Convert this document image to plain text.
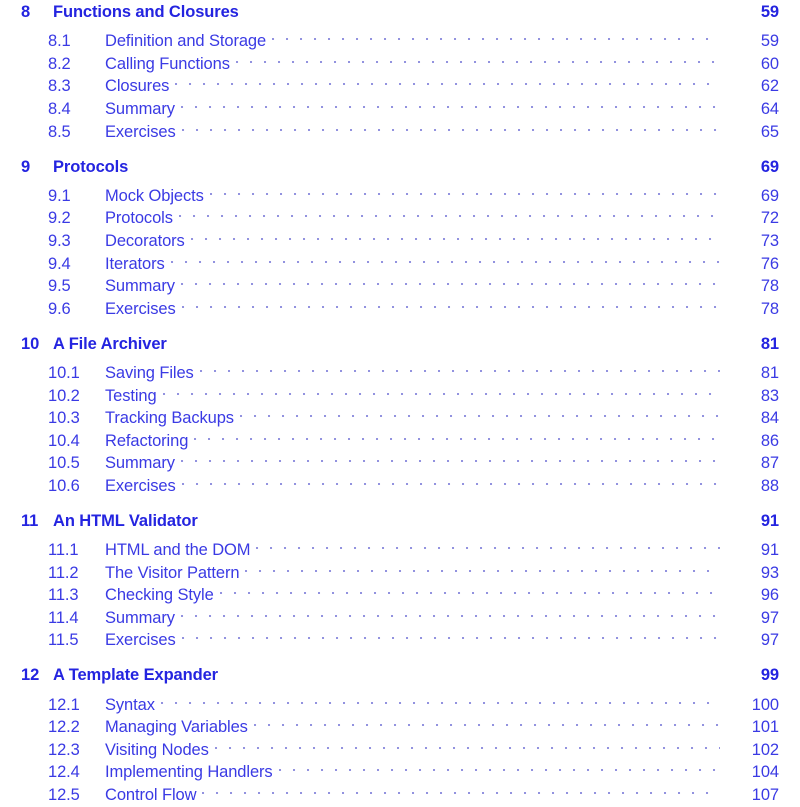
8	Functions and Closures	59
8.1	Definition and Storage	59
8.2	Calling Functions	60
8.3	Closures	62
8.4	Summary	64
8.5	Exercises	65
9	Protocols	69
9.1	Mock Objects	69
9.2	Protocols	72
9.3	Decorators	73
9.4	Iterators	76
9.5	Summary	78
9.6	Exercises	78
10 A File Archiver	81
10.1	Saving Files	81
10.2	Testing	83
10.3	Tracking Backups	84
10.4	Refactoring	86
10.5	Summary	87
10.6	Exercises	88
11 An HTML Validator	91
11.1	HTML and the DOM	91
11.2	The Visitor Pattern	93
11.3	Checking Style	96
11.4	Summary	97
11.5	Exercises	97
12 A Template Expander	99
12.1	Syntax	100
12.2	Managing Variables	101
12.3	Visiting Nodes	102
12.4	Implementing Handlers	104
12.5	Control Flow	107
